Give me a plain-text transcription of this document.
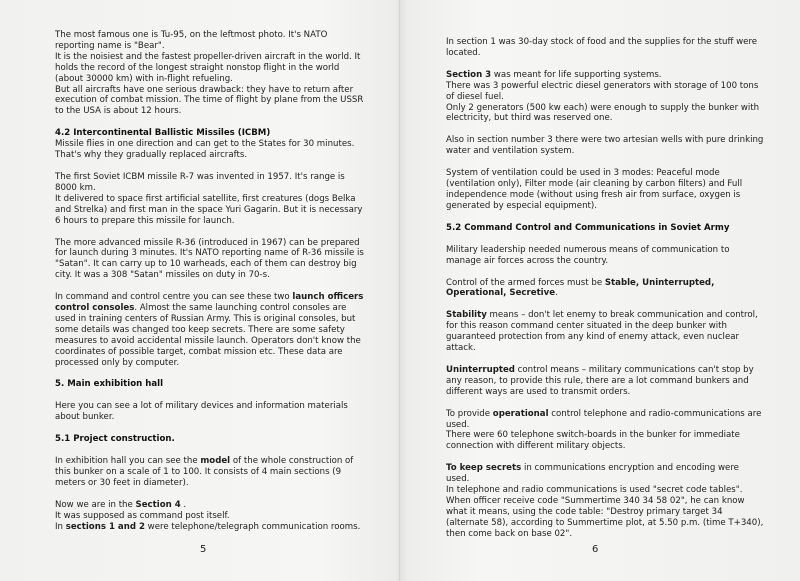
The most famous one is Tu-95, on the leftmost photo. It's NATO reporting name is "Bear".
It is the noisiest and the fastest propeller-driven aircraft in the world. It holds the record of the longest straight nonstop flight in the world (about 30000 km) with in-flight refueling.
But all aircrafts have one serious drawback: they have to return after execution of combat mission. The time of flight by plane from the USSR to the USA is about 12 hours.

4.2 Intercontinental Ballistic Missiles (ICBM)

Missile flies in one direction and can get to the States for 30 minutes. That's why they gradually replaced aircrafts.

The first Soviet ICBM missile R-7 was invented in 1957. It's range is 8000 km.
It delivered to space first artificial satellite, first creatures (dogs Belka and Strelka) and first man in the space Yuri Gagarin. But it is necessary 6 hours to prepare this missile for launch.

The more advanced missile R-36 (introduced in 1967) can be prepared for launch during 3 minutes. It's NATO reporting name of R-36 missile is "Satan". It can carry up to 10 warheads, each of them can destroy big city. It was a 308 "Satan" missiles on duty in 70-s.

In command and control centre you can see these two launch officers control consoles. Almost the same launching control consoles are used in training centers of Russian Army. This is original consoles, but some details was changed too keep secrets. There are some safety measures to avoid accidental missile launch. Operators don't know the coordinates of possible target, combat mission etc. These data are processed only by computer.

5. Main exhibition hall

Here you can see a lot of military devices and information materials about bunker.

5.1 Project construction.

In exhibition hall you can see the model of the whole construction of this bunker on a scale of 1 to 100. It consists of 4 main sections (9 meters or 30 feet in diameter).

Now we are in the Section 4 .
It was supposed as command post itself.
In sections 1 and 2 were telephone/telegraph communication rooms.

5

In section 1 was 30-day stock of food and the supplies for the stuff were located.

Section 3 was meant for life supporting systems.
There was 3 powerful electric diesel generators with storage of 100 tons of diesel fuel.
Only 2 generators (500 kw each) were enough to supply the bunker with electricity, but third was reserved one.

Also in section number 3 there were two artesian wells with pure drinking water and ventilation system.

System of ventilation could be used in 3 modes: Peaceful mode (ventilation only), Filter mode (air cleaning by carbon filters) and Full independence mode (without using fresh air from surface, oxygen is generated by especial equipment).

5.2 Command Control and Communications in Soviet Army

Military leadership needed numerous means of communication to manage air forces across the country.

Control of the armed forces must be Stable, Uninterrupted, Operational, Secretive.

Stability means – don't let enemy to break communication and control, for this reason command center situated in the deep bunker with guaranteed protection from any kind of enemy attack, even nuclear attack.

Uninterrupted control means – military communications can't stop by any reason, to provide this rule, there are a lot command bunkers and different ways are used to transmit orders.

To provide operational control telephone and radio-communications are used.
There were 60 telephone switch-boards in the bunker for immediate connection with different military objects.

To keep secrets in communications encryption and encoding were used.
In telephone and radio communications is used "secret code tables". When officer receive code "Summertime 340 34 58 02", he can know what it means, using the code table: "Destroy primary target 34 (alternate 58), according to Summertime plot, at 5.50 p.m. (time T+340), then come back on base 02".

6
